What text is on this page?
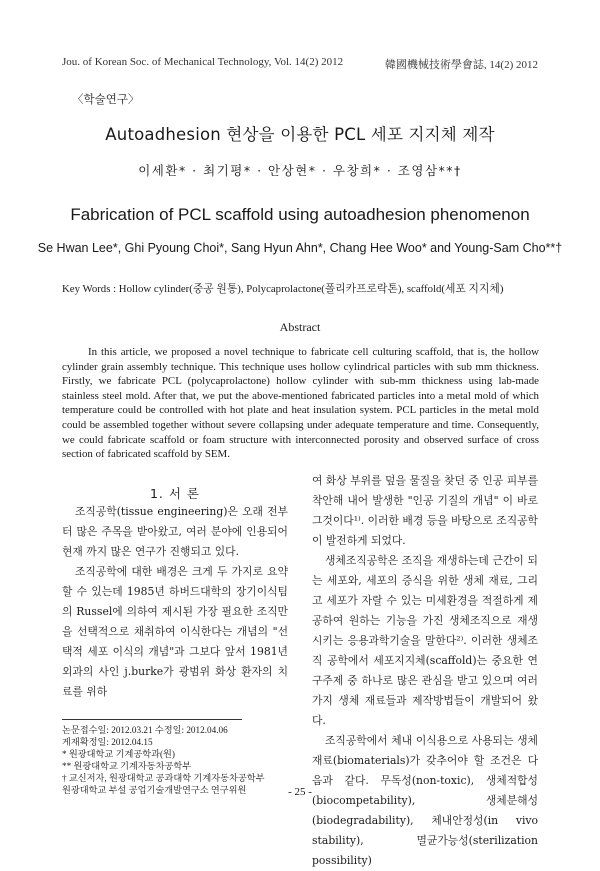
Jou. of Korean Soc. of Mechanical Technology, Vol. 14(2) 2012	韓國機械技術學會誌, 14(2) 2012
〈학술연구〉
Autoadhesion 현상을 이용한 PCL 세포 지지체 제작
이세환* · 최기평* · 안상현* · 우창희* · 조영삼**†
Fabrication of PCL scaffold using autoadhesion phenomenon
Se Hwan Lee*, Ghi Pyoung Choi*, Sang Hyun Ahn*, Chang Hee Woo* and Young-Sam Cho**†
Key Words : Hollow cylinder(중공 원통), Polycaprolactone(폴리카프로락톤), scaffold(세포 지지체)
Abstract

In this article, we proposed a novel technique to fabricate cell culturing scaffold, that is, the hollow cylinder grain assembly technique. This technique uses hollow cylindrical particles with sub mm thickness. Firstly, we fabricate PCL (polycaprolactone) hollow cylinder with sub-mm thickness using lab-made stainless steel mold. After that, we put the above-mentioned fabricated particles into a metal mold of which temperature could be controlled with hot plate and heat insulation system. PCL particles in the metal mold could be assembled together without severe collapsing under adequate temperature and time. Consequently, we could fabricate scaffold or foam structure with interconnected porosity and observed surface of cross section of fabricated scaffold by SEM.

1. 서 론

조직공학(tissue engineering)은 오래 전부터 많은 주목을 받아왔고, 여러 분야에 인용되어 현재 까지 많은 연구가 진행되고 있다.

조직공학에 대한 배경은 크게 두 가지로 요약할 수 있는데 1985년 하버드대학의 장기이식팀의 Russel에 의하여 제시된 가장 필요한 조직만을 선택적으로 채취하여 이식한다는 개념의 "선택적 세포 이식의 개념"과 그보다 앞서 1981년 외과의 사인 j.burke가 광범위 화상 환자의 치료를 위하

여 화상 부위를 덮을 물질을 찾던 중 인공 피부를 착안해 내어 발생한 "인공 기질의 개념" 이 바로 그것이다¹⁾. 이러한 배경 등을 바탕으로 조직공학이 발전하게 되었다.

생체조직공학은 조직을 재생하는데 근간이 되는 세포와, 세포의 증식을 위한 생체 재료, 그리고 세포가 자랄 수 있는 미세환경을 적절하게 제공하여 원하는 기능을 가진 생체조직으로 재생 시키는 응용과학기술을 말한다²⁾. 이러한 생체조직 공학에서 세포지지체(scaffold)는 중요한 연구주제 중 하나로 많은 관심을 받고 있으며 여러 가지 생체 재료들과 제작방법들이 개발되어 왔다.

조직공학에서 체내 이식용으로 사용되는 생체재료(biomaterials)가 갖추어야 할 조건은 다음과 같다. 무독성(non-toxic), 생체적합성(biocompetability), 생체분해성(biodegradability), 체내안정성(in vivo stability), 멸균가능성(sterilization possibility)

논문접수일: 2012.03.21 수정일: 2012.04.06
게재확정일: 2012.04.15
* 원광대학교 기계공학과(원)
** 원광대학교 기계자동차공학부
† 교신저자, 원광대학교 공과대학 기계자동차공학부
원광대학교 부설 공업기술개발연구소 연구위원	- 25 -
